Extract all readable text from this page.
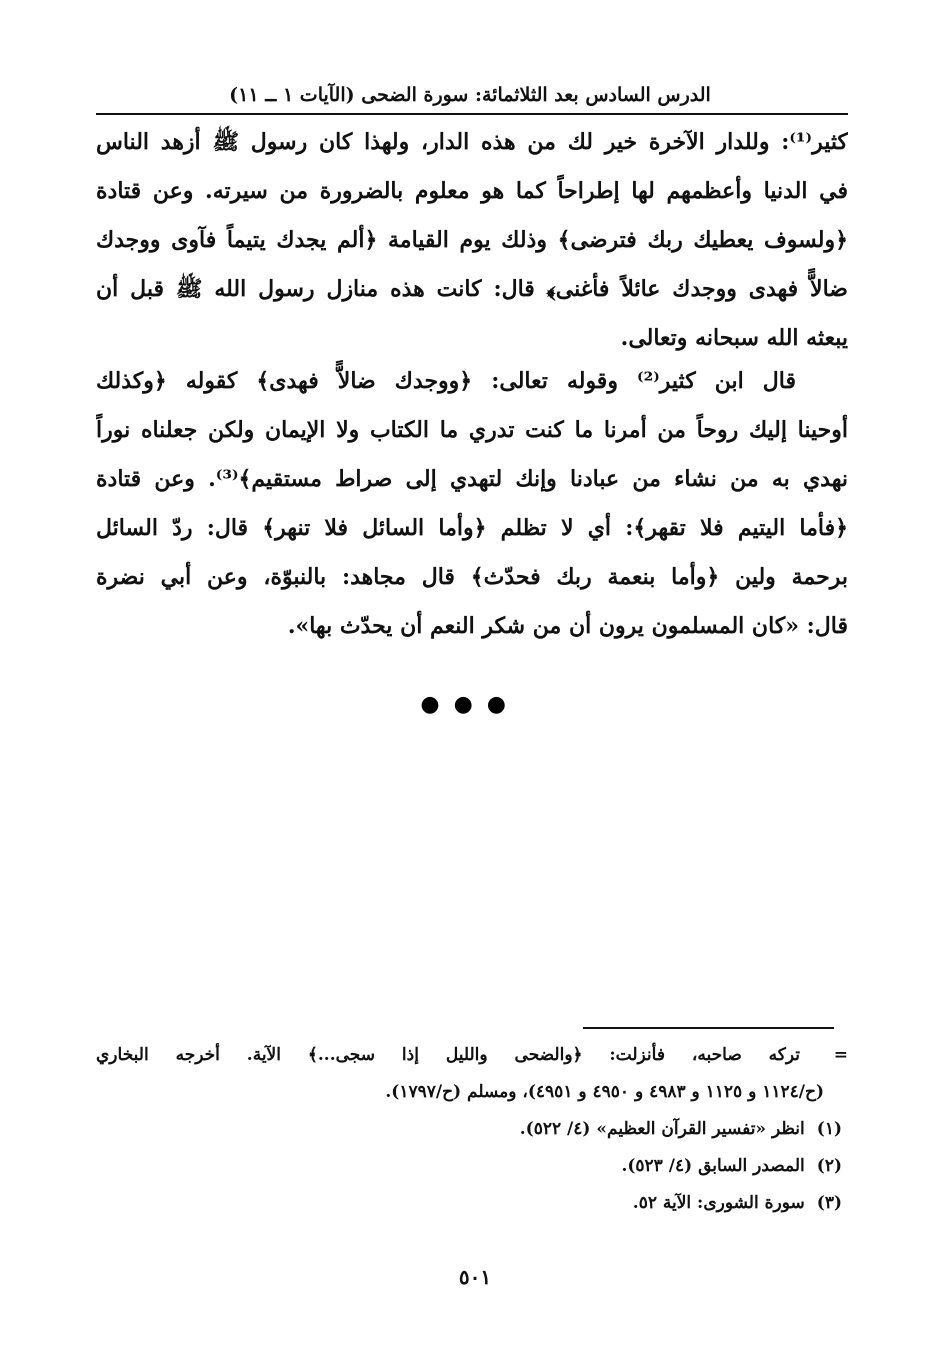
الدرس السادس بعد الثلاثمائة: سورة الضحى (الآيات ١ ــ ١١)
كثير⁽¹⁾: وللدار الآخرة خير لك من هذه الدار، ولهذا كان رسول ﷺ أزهد الناس
في الدنيا وأعظمهم لها إطراحاً كما هو معلوم بالضرورة من سيرته. وعن قتادة
﴿ولسوف يعطيك ربك فترضى﴾ وذلك يوم القيامة ﴿ألم يجدك يتيماً فآوى ووجدك
ضالاًّ فهدى ووجدك عائلاً فأغنى﴾ قال: كانت هذه منازل رسول الله ﷺ قبل أن
يبعثه الله سبحانه وتعالى.
قال ابن كثير⁽²⁾ وقوله تعالى: ﴿ووجدك ضالاًّ فهدى﴾ كقوله ﴿وكذلك
أوحينا إليك روحاً من أمرنا ما كنت تدري ما الكتاب ولا الإيمان ولكن جعلناه نوراً
نهدي به من نشاء من عبادنا وإنك لتهدي إلى صراط مستقيم﴾⁽³⁾. وعن قتادة
﴿فأما اليتيم فلا تقهر﴾: أي لا تظلم ﴿وأما السائل فلا تنهر﴾ قال: ردّ السائل
برحمة ولين ﴿وأما بنعمة ربك فحدّث﴾ قال مجاهد: بالنبوّة، وعن أبي نضرة
قال: «كان المسلمون يرون أن من شكر النعم أن يحدّث بها».
●●●
=
تركه صاحبه، فأنزلت: ﴿والضحى والليل إذا سجى...﴾ الآية. أخرجه البخاري
(ح/١١٢٤ و ١١٢٥ و ٤٩٨٣ و ٤٩٥٠ و ٤٩٥١)، ومسلم (ح/١٧٩٧).
(١)انظر «تفسير القرآن العظيم» (٤/ ٥٢٢).
(٢)المصدر السابق (٤/ ٥٢٣).
(٣)سورة الشورى: الآية ٥٢.
٥٠١
